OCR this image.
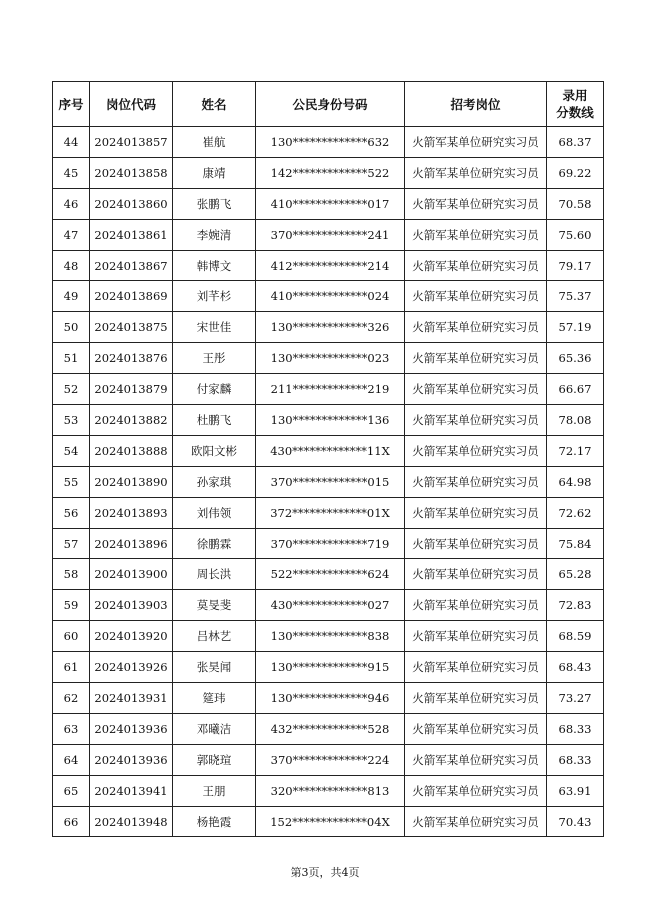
序号	岗位代码	姓名	公民身份号码	招考岗位	录用
分数线

44	2024013857	崔航	130*************632	火箭军某单位研究实习员	68.37
45	2024013858	康靖	142*************522	火箭军某单位研究实习员	69.22
46	2024013860	张鹏飞	410*************017	火箭军某单位研究实习员	70.58
47	2024013861	李婉清	370*************241	火箭军某单位研究实习员	75.60
48	2024013867	韩博文	412*************214	火箭军某单位研究实习员	79.17
49	2024013869	刘芊杉	410*************024	火箭军某单位研究实习员	75.37
50	2024013875	宋世佳	130*************326	火箭军某单位研究实习员	57.19
51	2024013876	王彤	130*************023	火箭军某单位研究实习员	65.36
52	2024013879	付家麟	211*************219	火箭军某单位研究实习员	66.67
53	2024013882	杜鹏飞	130*************136	火箭军某单位研究实习员	78.08
54	2024013888	欧阳文彬	430*************11X	火箭军某单位研究实习员	72.17
55	2024013890	孙家琪	370*************015	火箭军某单位研究实习员	64.98
56	2024013893	刘伟领	372*************01X	火箭军某单位研究实习员	72.62
57	2024013896	徐鹏霖	370*************719	火箭军某单位研究实习员	75.84
58	2024013900	周长洪	522*************624	火箭军某单位研究实习员	65.28
59	2024013903	莫旻斐	430*************027	火箭军某单位研究实习员	72.83
60	2024013920	吕林艺	130*************838	火箭军某单位研究实习员	68.59
61	2024013926	张昊闻	130*************915	火箭军某单位研究实习员	68.43
62	2024013931	筵玮	130*************946	火箭军某单位研究实习员	73.27
63	2024013936	邓曦洁	432*************528	火箭军某单位研究实习员	68.33
64	2024013936	郭晓瑄	370*************224	火箭军某单位研究实习员	68.33
65	2024013941	王朋	320*************813	火箭军某单位研究实习员	63.91
66	2024013948	杨艳霞	152*************04X	火箭军某单位研究实习员	70.43
第3页，共4页
